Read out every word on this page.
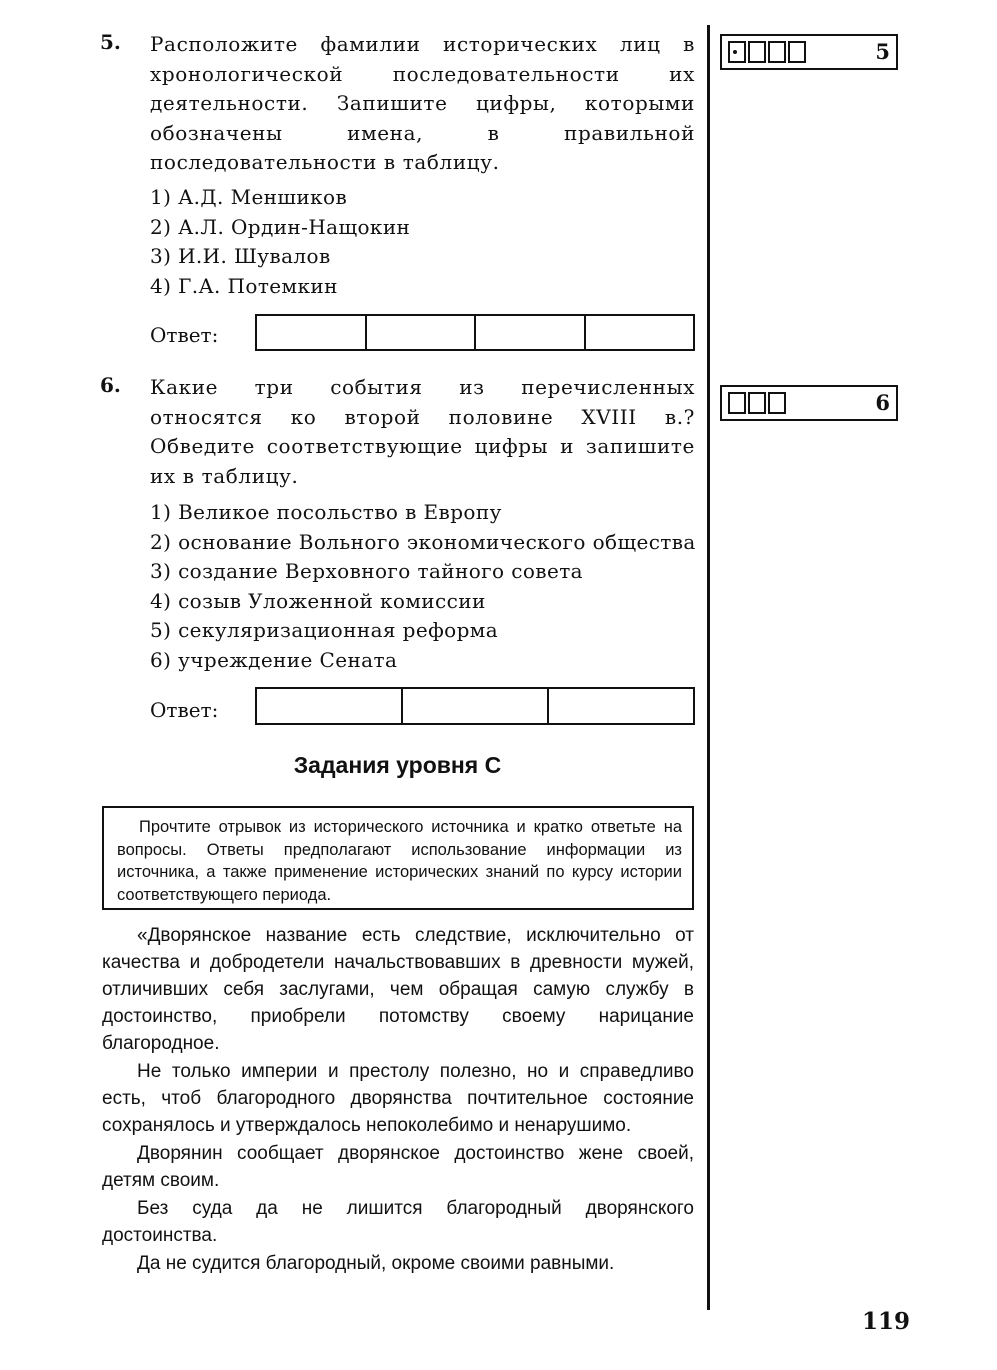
5. Расположите фамилии исторических лиц в хронологической последовательности их деятельности. Запишите цифры, которыми обозначены имена, в правильной последовательности в таблицу.
1) А.Д. Меншиков
2) А.Л. Ордин-Нащокин
3) И.И. Шувалов
4) Г.А. Потемкин
Ответ:
5
6. Какие три события из перечисленных относятся ко второй половине XVIII в.? Обведите соответствующие цифры и запишите их в таблицу.
1) Великое посольство в Европу
2) основание Вольного экономического общества
3) создание Верховного тайного совета
4) созыв Уложенной комиссии
5) секуляризационная реформа
6) учреждение Сената
Ответ:
6
Задания уровня С
Прочтите отрывок из исторического источника и кратко ответьте на вопросы. Ответы предполагают использование информации из источника, а также применение исторических знаний по курсу истории соответствующего периода.

«Дворянское название есть следствие, исключительно от качества и добродетели начальствовавших в древности мужей, отличивших себя заслугами, чем обращая самую службу в достоинство, приобрели потомству своему нарицание благородное.

Не только империи и престолу полезно, но и справедливо есть, чтоб благородного дворянства почтительное состояние сохранялось и утверждалось непоколебимо и ненарушимо.

Дворянин сообщает дворянское достоинство жене своей, детям своим.

Без суда да не лишится благородный дворянского достоинства.

Да не судится благородный, окроме своими равными.

119
